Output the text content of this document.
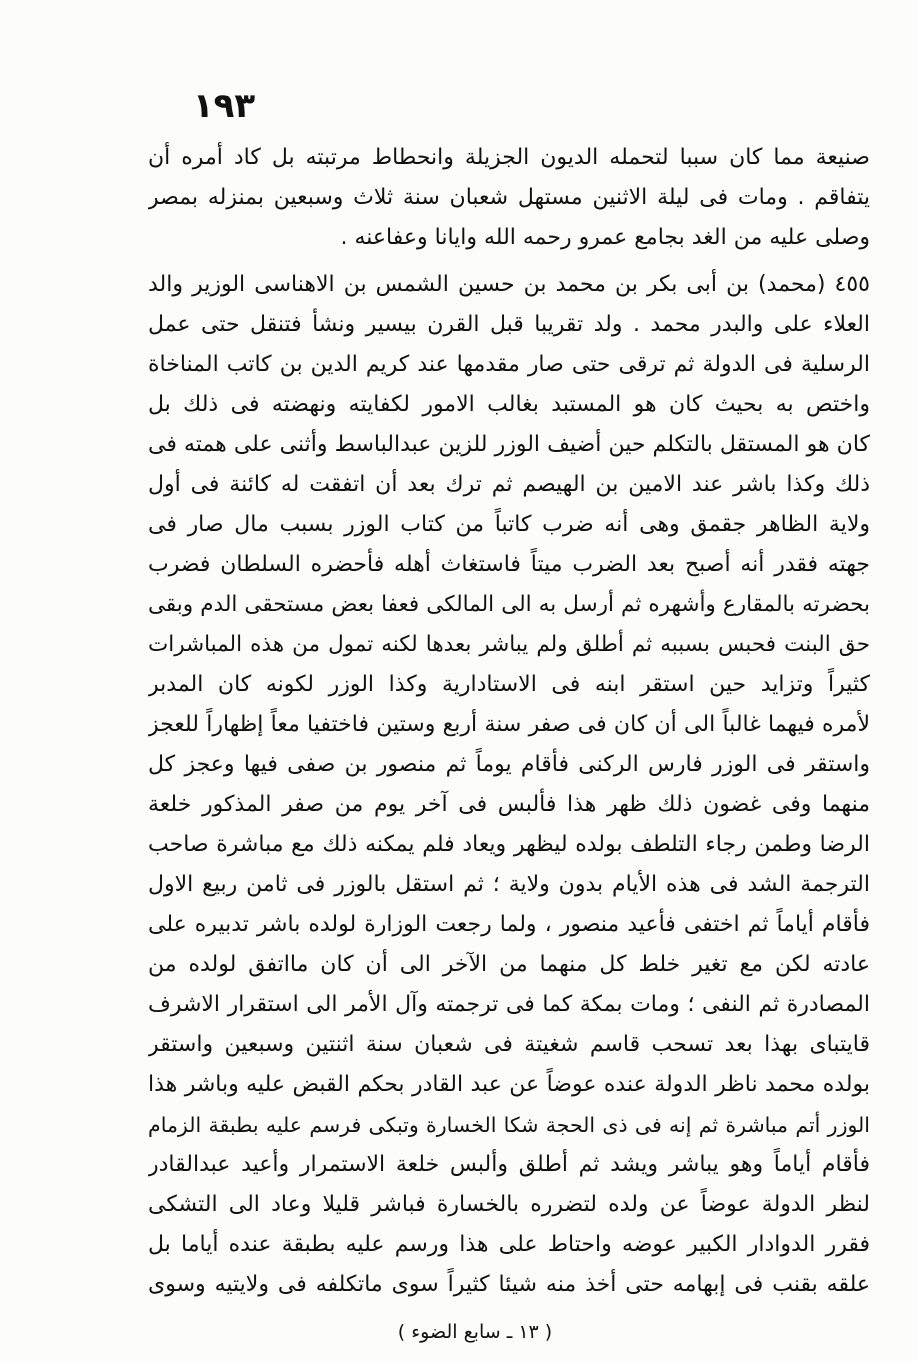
١٩٣
صنيعة مما كان سببا لتحمله الديون الجزيلة وانحطاط مرتبته بل كاد أمره أن
يتفاقم . ومات فى ليلة الاثنين مستهل شعبان سنة ثلاث وسبعين بمنزله بمصر
وصلى عليه من الغد بجامع عمرو رحمه الله وايانا وعفاعنه .
٤٥٥ (محمد) بن أبى بكر بن محمد بن حسين الشمس بن الاهناسى الوزير والد
العلاء على والبدر محمد . ولد تقريبا قبل القرن بيسير ونشأ فتنقل حتى عمل
الرسلية فى الدولة ثم ترقى حتى صار مقدمها عند كريم الدين بن كاتب المناخاة
واختص به بحيث كان هو المستبد بغالب الامور لكفايته ونهضته فى ذلك بل
كان هو المستقل بالتكلم حين أضيف الوزر للزين عبدالباسط وأثنى على همته فى
ذلك وكذا باشر عند الامين بن الهيصم ثم ترك بعد أن اتفقت له كائنة فى أول
ولاية الظاهر جقمق وهى أنه ضرب كاتباً من كتاب الوزر بسبب مال صار فى
جهته فقدر أنه أصبح بعد الضرب ميتاً فاستغاث أهله فأحضره السلطان فضرب
بحضرته بالمقارع وأشهره ثم أرسل به الى المالكى فعفا بعض مستحقى الدم وبقى
حق البنت فحبس بسببه ثم أطلق ولم يباشر بعدها لكنه تمول من هذه المباشرات
كثيراً وتزايد حين استقر ابنه فى الاستادارية وكذا الوزر لكونه كان المدبر
لأمره فيهما غالباً الى أن كان فى صفر سنة أربع وستين فاختفيا معاً إظهاراً للعجز
واستقر فى الوزر فارس الركنى فأقام يوماً ثم منصور بن صفى فيها وعجز كل
منهما وفى غضون ذلك ظهر هذا فألبس فى آخر يوم من صفر المذكور خلعة
الرضا وطمن رجاء التلطف بولده ليظهر ويعاد فلم يمكنه ذلك مع مباشرة صاحب
الترجمة الشد فى هذه الأيام بدون ولاية ؛ ثم استقل بالوزر فى ثامن ربيع الاول
فأقام أياماً ثم اختفى فأعيد منصور ، ولما رجعت الوزارة لولده باشر تدبيره على
عادته لكن مع تغير خلط كل منهما من الآخر الى أن كان مااتفق لولده من
المصادرة ثم النفى ؛ ومات بمكة كما فى ترجمته وآل الأمر الى استقرار الاشرف
قايتباى بهذا بعد تسحب قاسم شغيتة فى شعبان سنة اثنتين وسبعين واستقر
بولده محمد ناظر الدولة عنده عوضاً عن عبد القادر بحكم القبض عليه وباشر هذا
الوزر أتم مباشرة ثم إنه فى ذى الحجة شكا الخسارة وتبكى فرسم عليه بطبقة الزمام
فأقام أياماً وهو يباشر ويشد ثم أطلق وألبس خلعة الاستمرار وأعيد عبدالقادر
لنظر الدولة عوضاً عن ولده لتضرره بالخسارة فباشر قليلا وعاد الى التشكى
فقرر الدوادار الكبير عوضه واحتاط على هذا ورسم عليه بطبقة عنده أياما بل
علقه بقنب فى إبهامه حتى أخذ منه شيئا كثيراً سوى ماتكلفه فى ولايتيه وسوى
( ١٣ ـ سابع الضوء )
